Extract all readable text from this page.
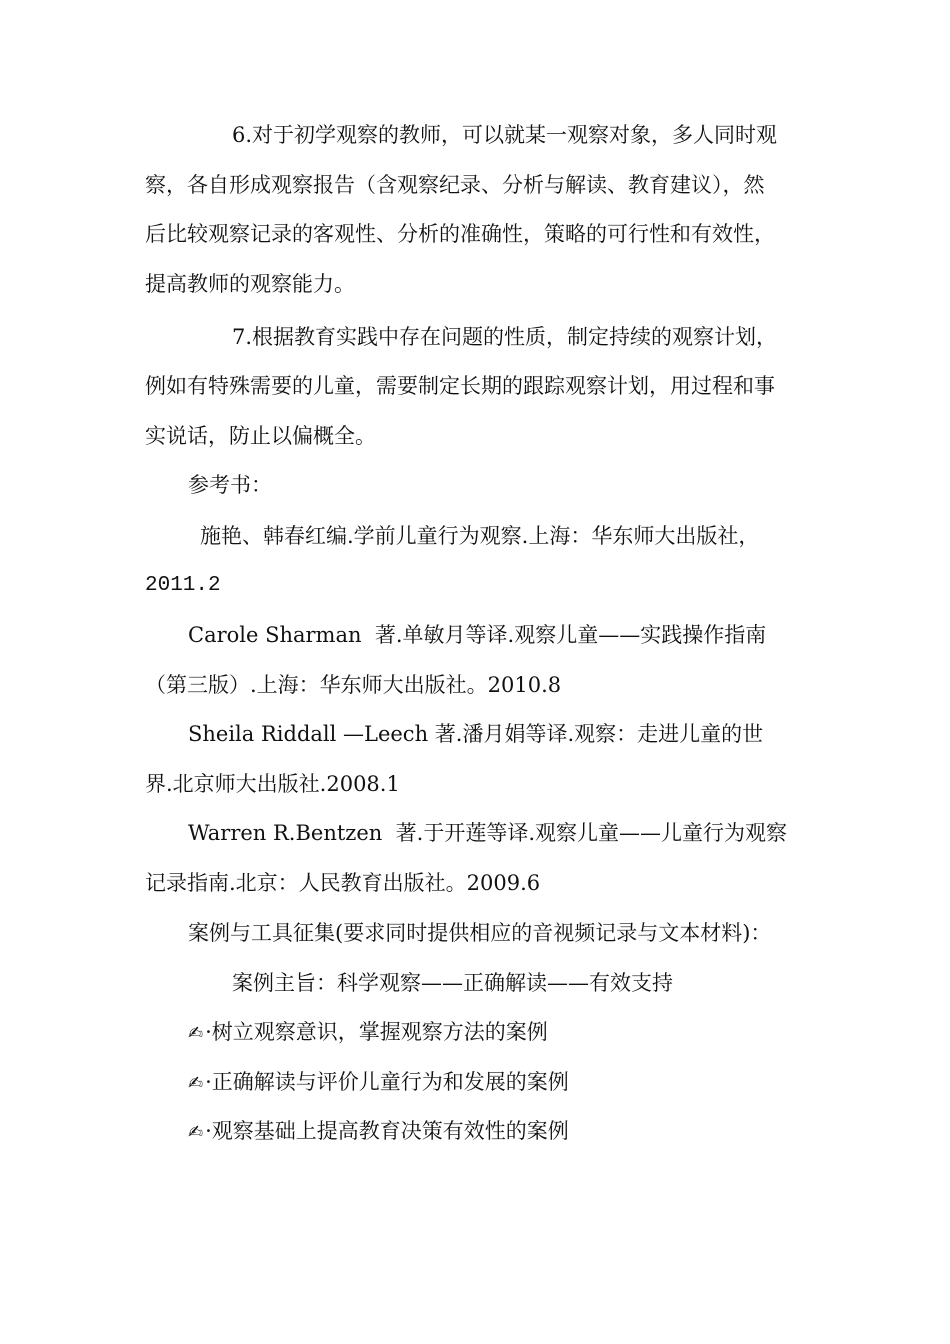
6.对于初学观察的教师，可以就某一观察对象，多人同时观
察，各自形成观察报告（含观察纪录、分析与解读、教育建议），然
后比较观察记录的客观性、分析的准确性，策略的可行性和有效性，
提高教师的观察能力。
7.根据教育实践中存在问题的性质，制定持续的观察计划，
例如有特殊需要的儿童，需要制定长期的跟踪观察计划，用过程和事
实说话，防止以偏概全。
参考书：
施艳、韩春红编.学前儿童行为观察.上海：华东师大出版社，
2011.2
Carole Sharman  著.单敏月等译.观察儿童——实践操作指南
（第三版）.上海：华东师大出版社。2010.8
Sheila Riddall —Leech 著.潘月娟等译.观察：走进儿童的世
界.北京师大出版社.2008.1
Warren R.Bentzen  著.于开莲等译.观察儿童——儿童行为观察
记录指南.北京：人民教育出版社。2009.6
案例与工具征集(要求同时提供相应的音视频记录与文本材料)：
案例主旨：科学观察——正确解读——有效支持
✍·树立观察意识，掌握观察方法的案例
✍·正确解读与评价儿童行为和发展的案例
✍·观察基础上提高教育决策有效性的案例
